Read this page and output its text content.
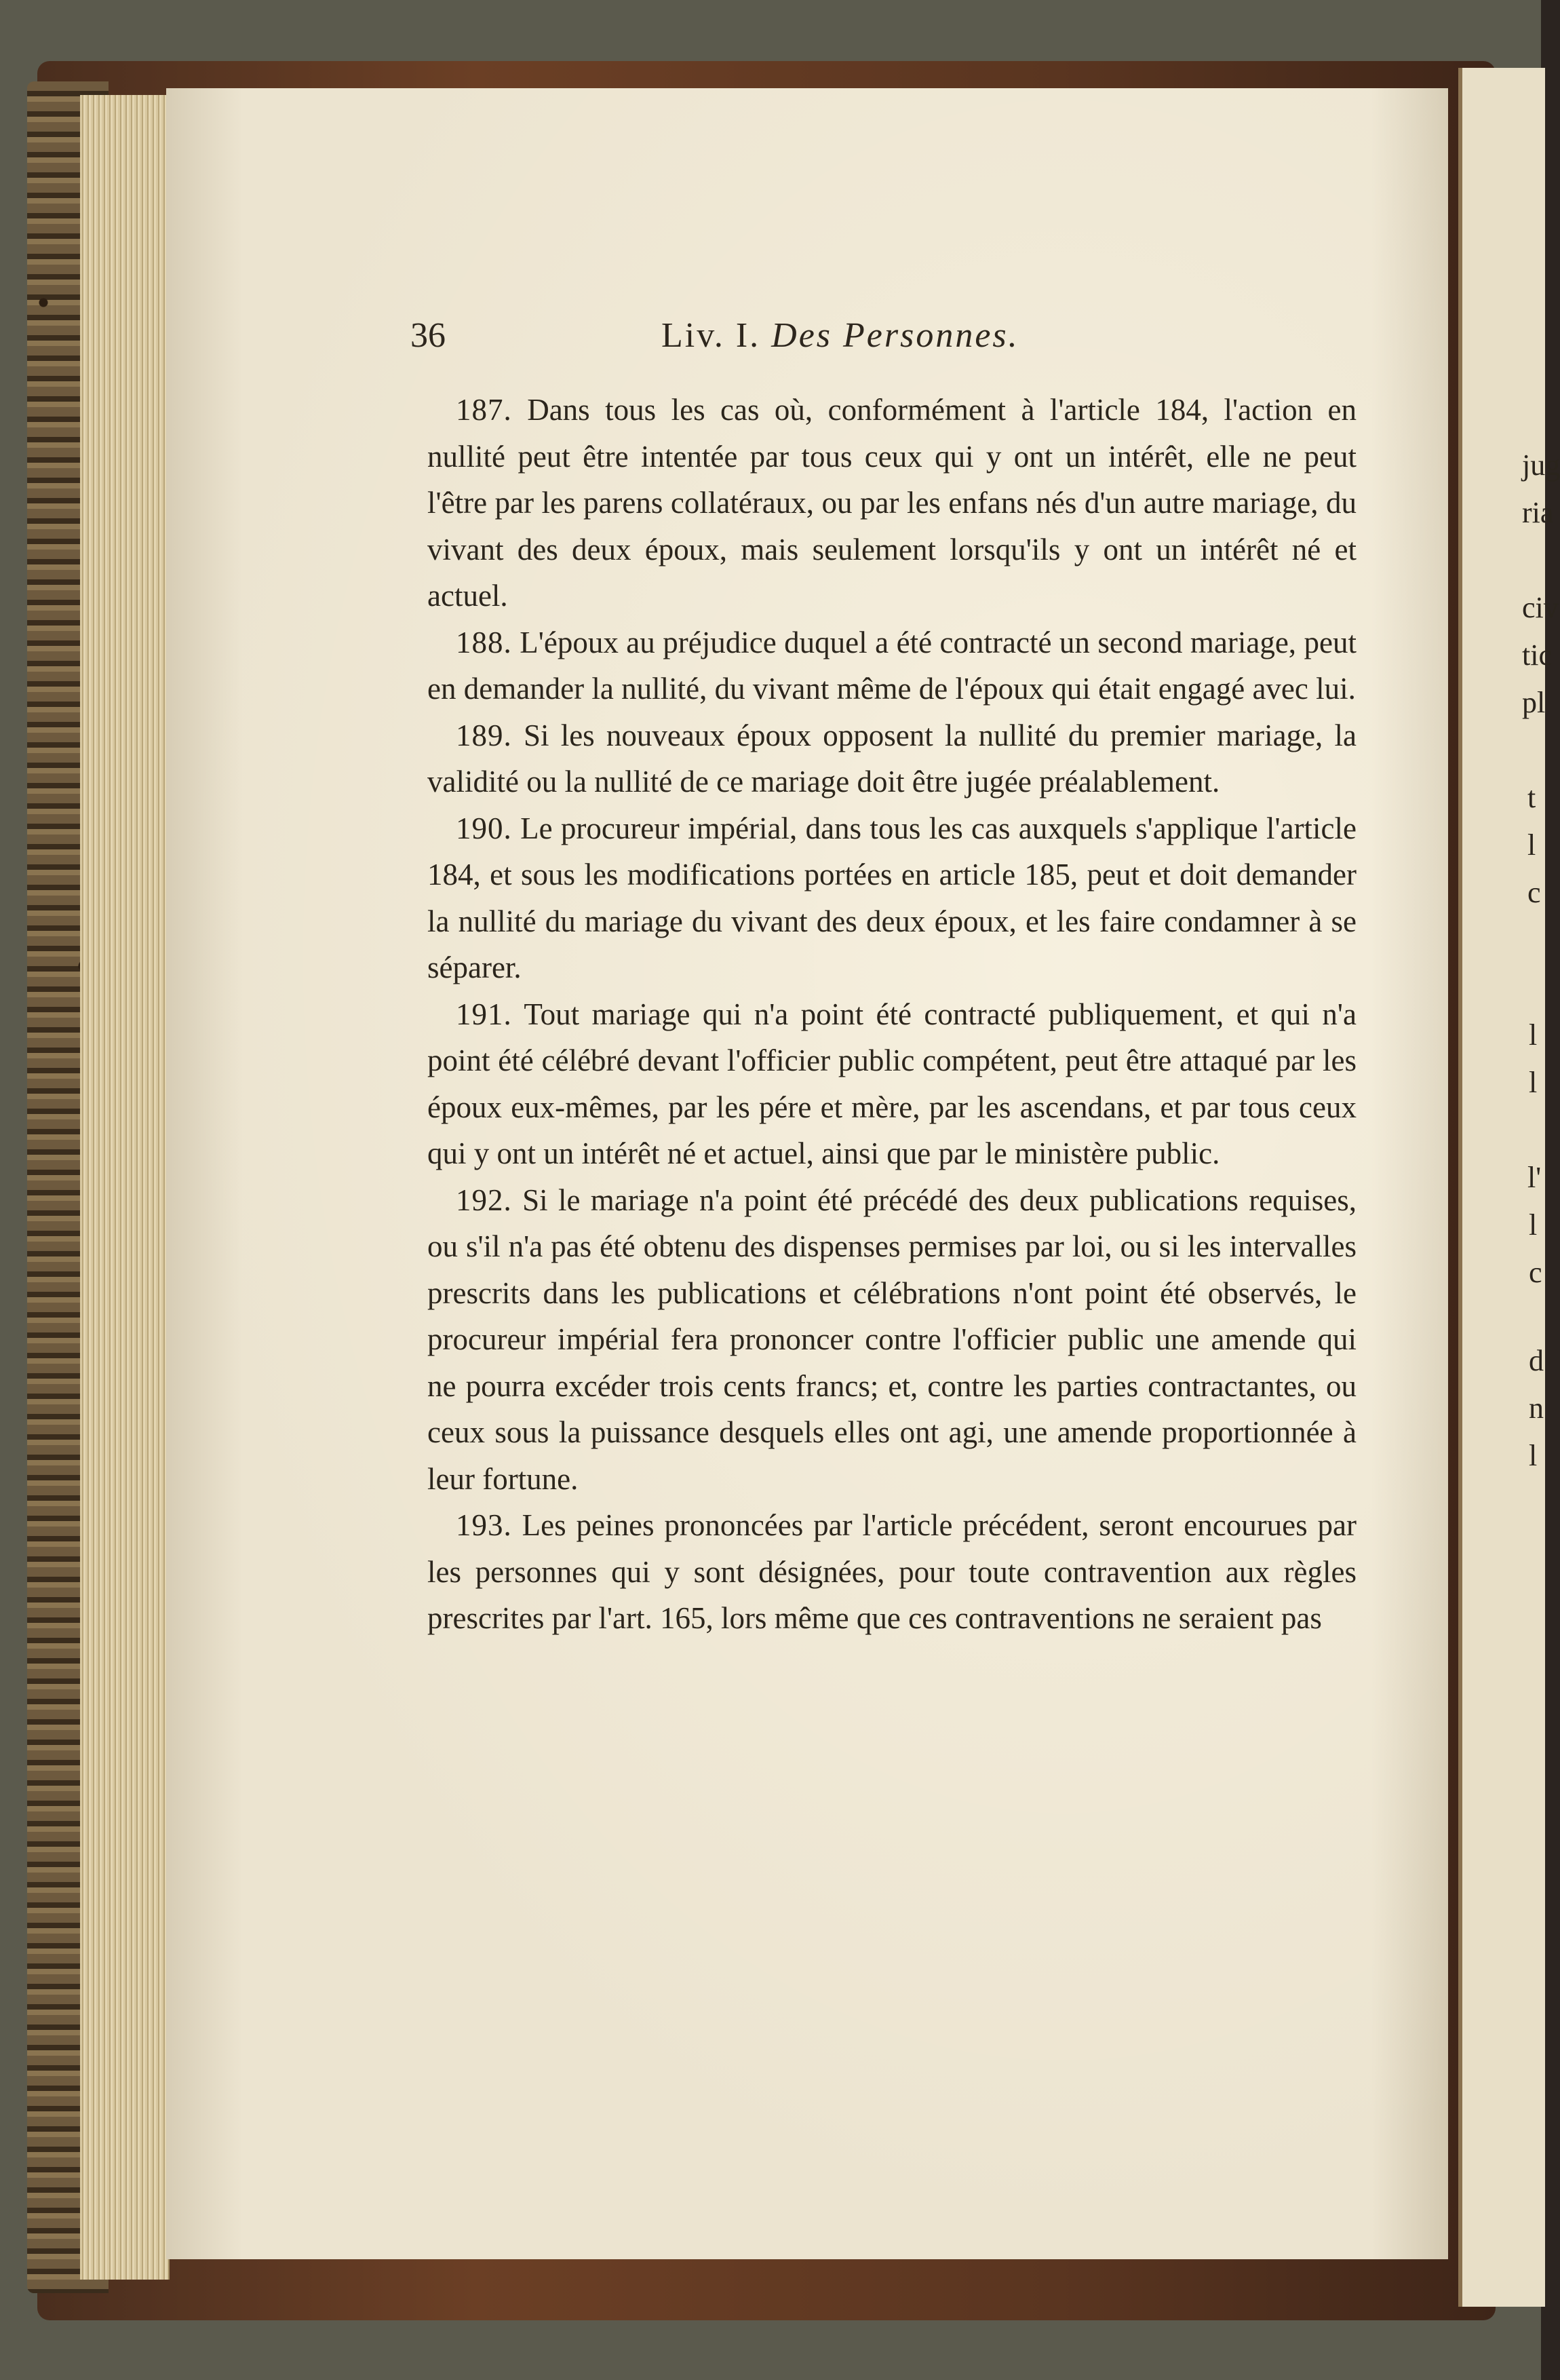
jug
ria
civ
tic
pl
t
l
c
l
l
l'
l
c
d
n
l
36	Liv. I. Des Personnes.

187. Dans tous les cas où, conformément à l'article 184, l'action en nullité peut être intentée par tous ceux qui y ont un intérêt, elle ne peut l'être par les parens collatéraux, ou par les enfans nés d'un autre mariage, du vivant des deux époux, mais seulement lorsqu'ils y ont un intérêt né et actuel.

188. L'époux au préjudice duquel a été contracté un second mariage, peut en demander la nullité, du vivant même de l'époux qui était engagé avec lui.

189. Si les nouveaux époux opposent la nullité du premier mariage, la validité ou la nullité de ce mariage doit être jugée préalablement.

190. Le procureur impérial, dans tous les cas auxquels s'applique l'article 184, et sous les modifications portées en article 185, peut et doit demander la nullité du mariage du vivant des deux époux, et les faire condamner à se séparer.

191. Tout mariage qui n'a point été contracté publiquement, et qui n'a point été célébré devant l'officier public compétent, peut être attaqué par les époux eux-mêmes, par les pére et mère, par les ascendans, et par tous ceux qui y ont un intérêt né et actuel, ainsi que par le ministère public.

192. Si le mariage n'a point été précédé des deux publications requises, ou s'il n'a pas été obtenu des dispenses permises par loi, ou si les intervalles prescrits dans les publications et célébrations n'ont point été observés, le procureur impérial fera prononcer contre l'officier public une amende qui ne pourra excéder trois cents francs; et, contre les parties contractantes, ou ceux sous la puissance desquels elles ont agi, une amende proportionnée à leur fortune.

193. Les peines prononcées par l'article précédent, seront encourues par les personnes qui y sont désignées, pour toute contravention aux règles prescrites par l'art. 165, lors même que ces contraventions ne seraient pas
